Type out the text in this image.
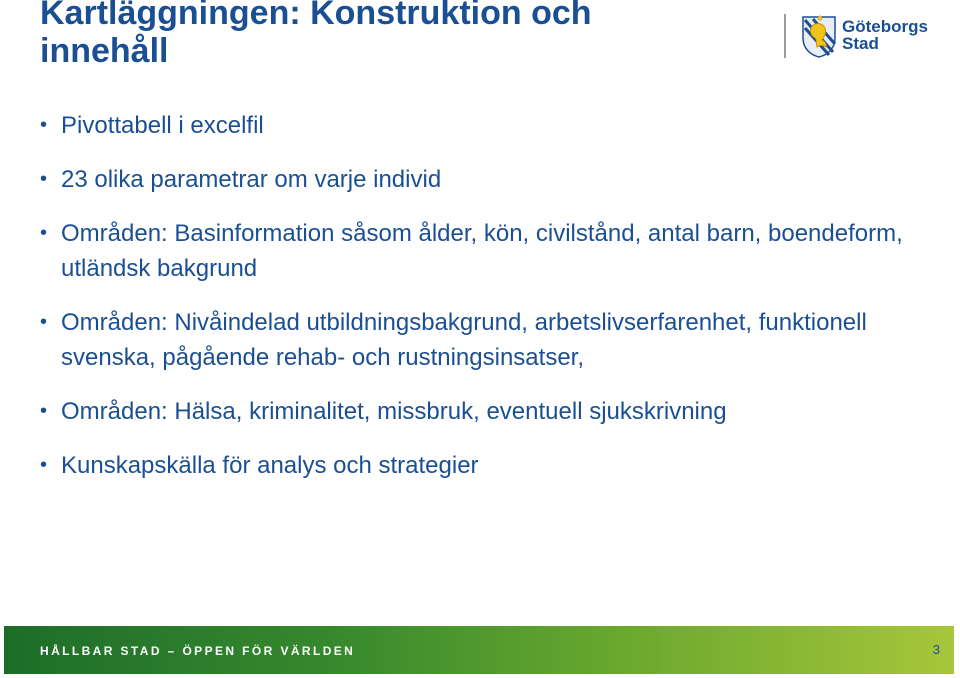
Kartläggningen: Konstruktion och
innehåll
Göteborgs
Stad
• Pivottabell i excelfil
• 23 olika parametrar om varje individ
• Områden: Basinformation såsom ålder, kön, civilstånd, antal barn, boendeform, utländsk bakgrund
• Områden: Nivåindelad utbildningsbakgrund, arbetslivserfarenhet, funktionell svenska, pågående rehab- och rustningsinsatser,
• Områden: Hälsa, kriminalitet, missbruk, eventuell sjukskrivning
• Kunskapskälla för analys och strategier
HÅLLBAR STAD – ÖPPEN FÖR VÄRLDEN	3
